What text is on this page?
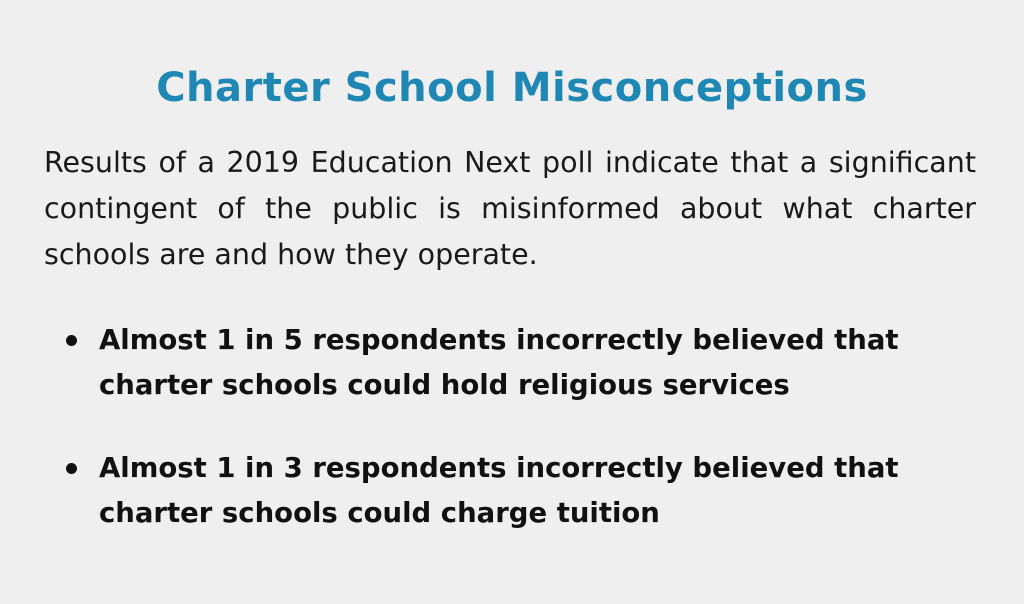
Charter School Misconceptions

Results of a 2019 Education Next poll indicate that a significant contingent of the public is misinformed about what charter schools are and how they operate.

Almost 1 in 5 respondents incorrectly believed that charter schools could hold religious services
Almost 1 in 3 respondents incorrectly believed that charter schools could charge tuition
